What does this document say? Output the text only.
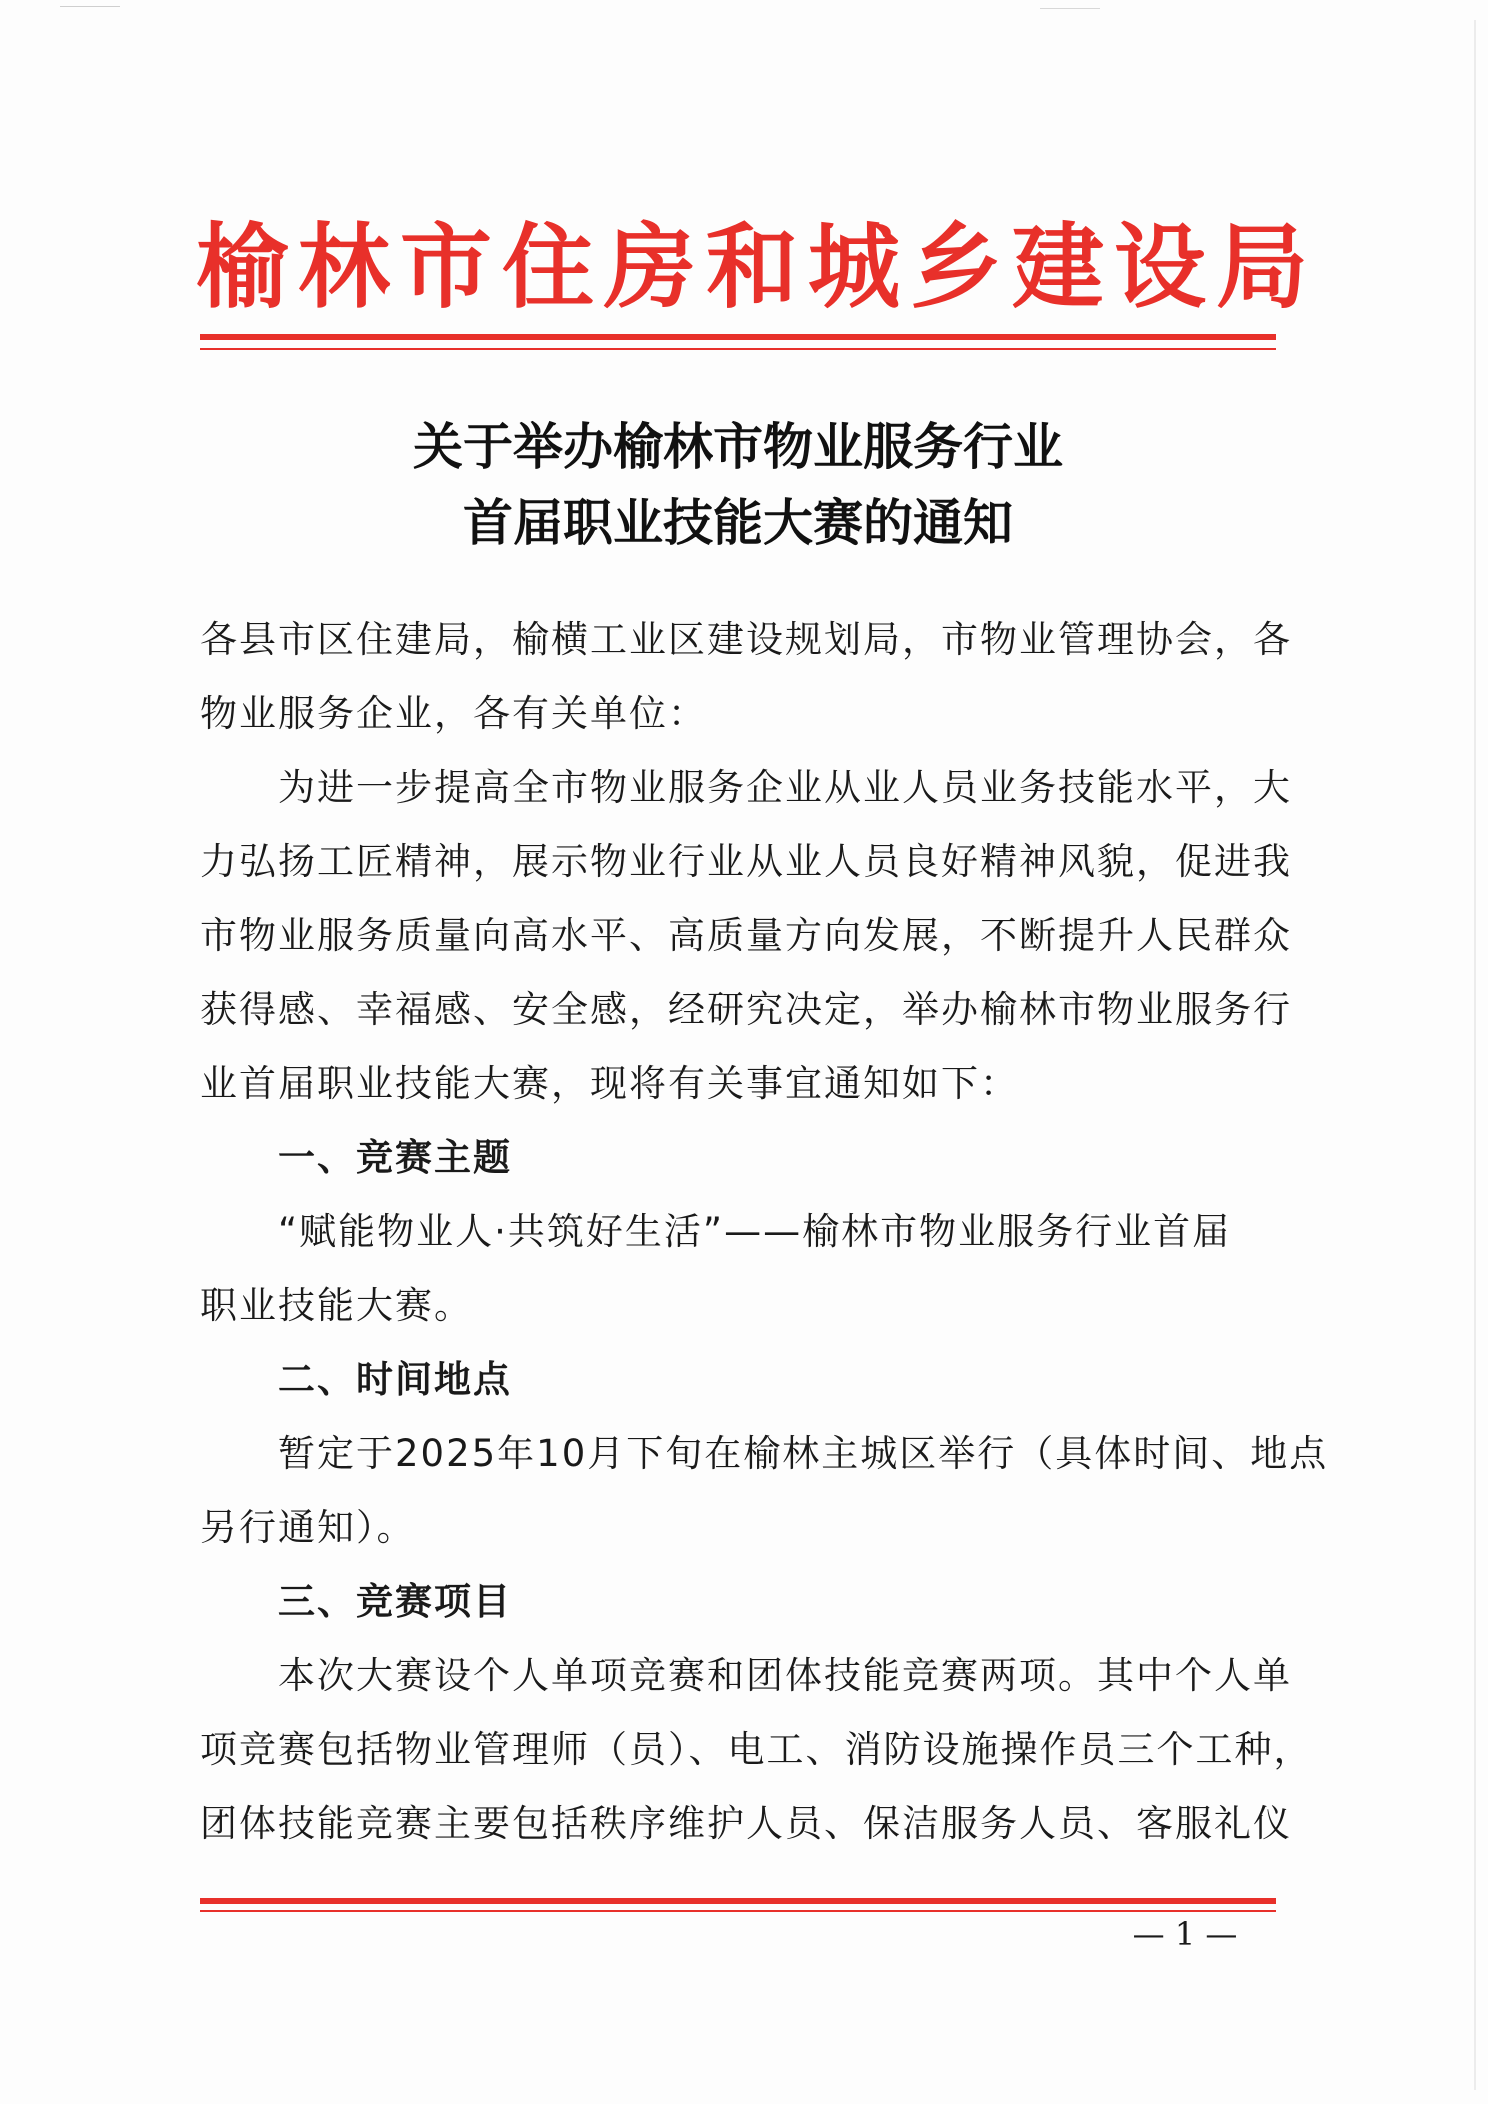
榆林市住房和城乡建设局
关于举办榆林市物业服务行业
首届职业技能大赛的通知
各县市区住建局，榆横工业区建设规划局，市物业管理协会，各
物业服务企业，各有关单位：
　　为进一步提高全市物业服务企业从业人员业务技能水平，大
力弘扬工匠精神，展示物业行业从业人员良好精神风貌，促进我
市物业服务质量向高水平、高质量方向发展，不断提升人民群众
获得感、幸福感、安全感，经研究决定，举办榆林市物业服务行
业首届职业技能大赛，现将有关事宜通知如下：
　　一、竞赛主题
　　“赋能物业人·共筑好生活”——榆林市物业服务行业首届
职业技能大赛。
　　二、时间地点
　　暂定于2025年10月下旬在榆林主城区举行（具体时间、地点
另行通知）。
　　三、竞赛项目
　　本次大赛设个人单项竞赛和团体技能竞赛两项。其中个人单
项竞赛包括物业管理师（员）、电工、消防设施操作员三个工种，
团体技能竞赛主要包括秩序维护人员、保洁服务人员、客服礼仪
— 1 —
